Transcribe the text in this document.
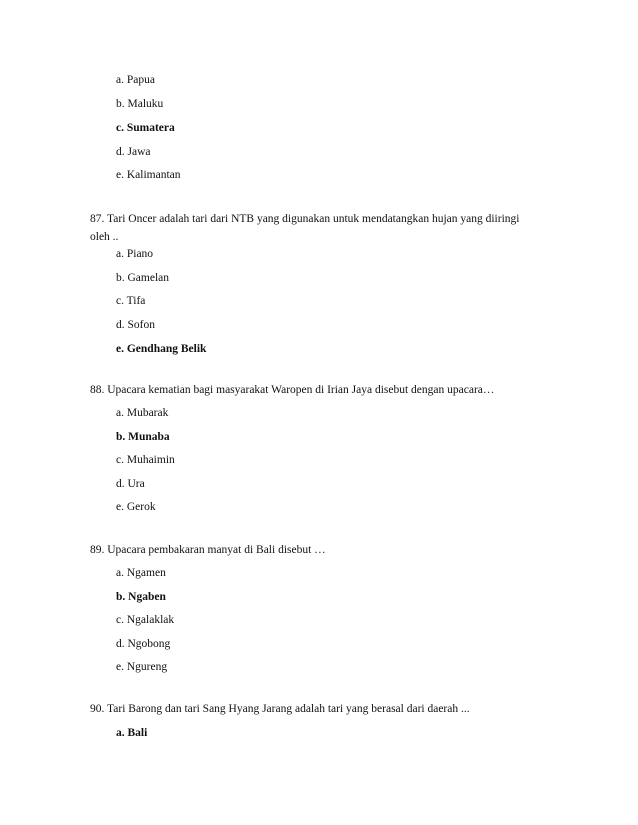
a. Papua
b. Maluku
c. Sumatera
d. Jawa
e. Kalimantan
87. Tari Oncer adalah tari dari NTB yang digunakan untuk mendatangkan hujan yang diiringi oleh ..
a. Piano
b. Gamelan
c. Tifa
d. Sofon
e. Gendhang Belik
88. Upacara kematian bagi masyarakat Waropen di Irian Jaya disebut dengan upacara…
a. Mubarak
b. Munaba
c. Muhaimin
d. Ura
e. Gerok
89. Upacara pembakaran manyat di Bali disebut …
a. Ngamen
b. Ngaben
c. Ngalaklak
d. Ngobong
e. Ngureng
90. Tari Barong dan tari Sang Hyang Jarang adalah tari yang berasal dari daerah ...
a. Bali
